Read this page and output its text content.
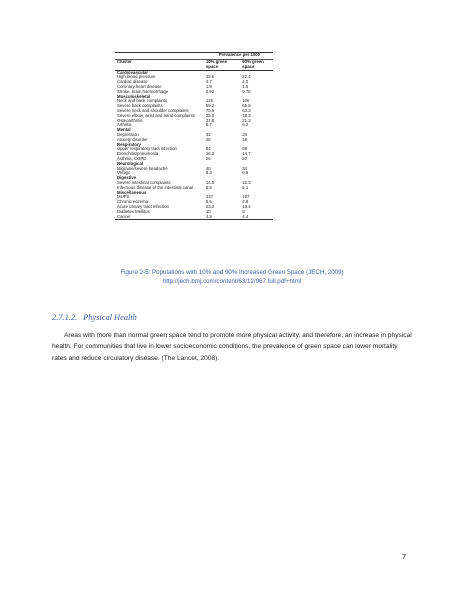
	Prevalence per 1000	
Cluster	10% green space	90% green space
Cardiovascular		
High blood pressure	23.6	22.4
Cardiac disease	4.7	4.0
Coronary heart disease	1.9	1.5
Stroke, brain haemorrhage	0.92	0.76
Musculoskeletal		
Neck and back complaints	125	106
Severe back complaints	69.2	65.8
Severe neck and shoulder complaints	75.6	63.3
Severe elbow, wrist and hand complaints	23.0	18.3
Osteoarthritis	21.8	21.3
Arthritis	6.7	6.2
Mental		
Depression	32	24
Anxiety disorder	26	18
Respiratory		
Upper respiratory tract infection	84	68
Bronchitis/pneumonia	16.0	14.7
Asthma, COPD	26	20
Neurological		
Migraine/severe headache	40	34
Vertigo	8.3	6.6
Digestive		
Severe intestinal complaints	14.5	12.3
Infectious disease of the intestinal canal	6.5	5.1
Miscellaneous		
MUPS	237	197
Chronic eczema	5.5	4.9
Acute urinary tract infection	23.2	19.4
Diabetes Mellitus	10	8
Cancer	4.9	4.4
Figure 2-5: Populations with 10% and 90% Increased Green Space (JECH, 2009) http://jech.bmj.com/content/63/12/967.full.pdf+html
2.7.1.2. Physical Health

Areas with more than normal green space tend to promote more physical activity, and therefore, an increase in physical health. For communities that live in lower socioeconomic conditions, the prevalence of green space can lower mortality rates and reduce circulatory disease. (The Lancet, 2008).

7
